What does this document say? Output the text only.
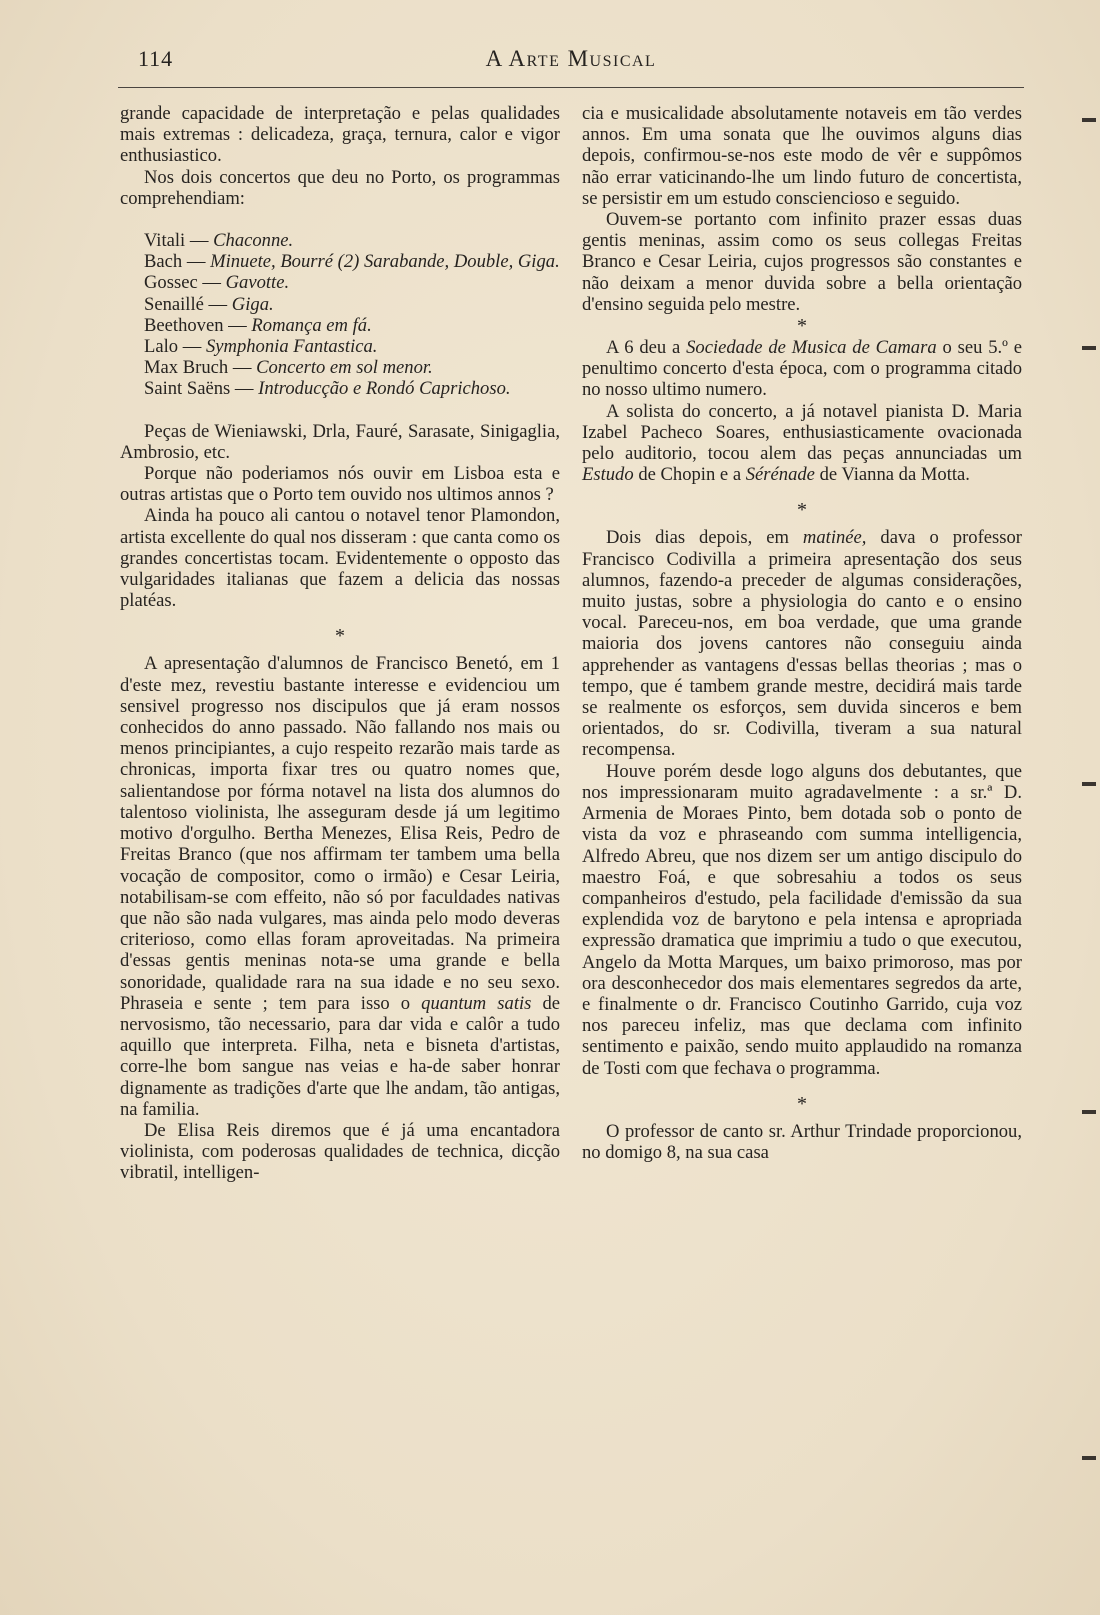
114	A Arte Musical

grande capacidade de interpretação e pelas qualidades mais extremas : delicadeza, graça, ternura, calor e vigor enthusiastico.

Nos dois concertos que deu no Porto, os programmas comprehendiam:

Vitali — Chaconne.
Bach — Minuete, Bourré (2) Sarabande, Double, Giga.
Gossec — Gavotte.
Senaillé — Giga.
Beethoven — Romança em fá.
Lalo — Symphonia Fantastica.
Max Bruch — Concerto em sol menor.
Saint Saëns — Introducção e Rondó Caprichoso.

Peças de Wieniawski, Drla, Fauré, Sarasate, Sinigaglia, Ambrosio, etc.

Porque não poderiamos nós ouvir em Lisboa esta e outras artistas que o Porto tem ouvido nos ultimos annos ?

Ainda ha pouco ali cantou o notavel tenor Plamondon, artista excellente do qual nos disseram : que canta como os grandes concertistas tocam. Evidentemente o opposto das vulgaridades italianas que fazem a delicia das nossas platéas.

*

A apresentação d'alumnos de Francisco Benetó, em 1 d'este mez, revestiu bastante interesse e evidenciou um sensivel progresso nos discipulos que já eram nossos conhecidos do anno passado. Não fallando nos mais ou menos principiantes, a cujo respeito rezarão mais tarde as chronicas, importa fixar tres ou quatro nomes que, salientandose por fórma notavel na lista dos alumnos do talentoso violinista, lhe asseguram desde já um legitimo motivo d'orgulho. Bertha Menezes, Elisa Reis, Pedro de Freitas Branco (que nos affirmam ter tambem uma bella vocação de compositor, como o irmão) e Cesar Leiria, notabilisam-se com effeito, não só por faculdades nativas que não são nada vulgares, mas ainda pelo modo deveras criterioso, como ellas foram aproveitadas. Na primeira d'essas gentis meninas nota-se uma grande e bella sonoridade, qualidade rara na sua idade e no seu sexo. Phraseia e sente ; tem para isso o quantum satis de nervosismo, tão necessario, para dar vida e calôr a tudo aquillo que interpreta. Filha, neta e bisneta d'artistas, corre-lhe bom sangue nas veias e ha-de saber honrar dignamente as tradições d'arte que lhe andam, tão antigas, na familia.

De Elisa Reis diremos que é já uma encantadora violinista, com poderosas qualidades de technica, dicção vibratil, intelligen-

cia e musicalidade absolutamente notaveis em tão verdes annos. Em uma sonata que lhe ouvimos alguns dias depois, confirmou-se-nos este modo de vêr e suppômos não errar vaticinando-lhe um lindo futuro de concertista, se persistir em um estudo consciencioso e seguido.

Ouvem-se portanto com infinito prazer essas duas gentis meninas, assim como os seus collegas Freitas Branco e Cesar Leiria, cujos progressos são constantes e não deixam a menor duvida sobre a bella orientação d'ensino seguida pelo mestre.

*

A 6 deu a Sociedade de Musica de Camara o seu 5.º e penultimo concerto d'esta época, com o programma citado no nosso ultimo numero.

A solista do concerto, a já notavel pianista D. Maria Izabel Pacheco Soares, enthusiasticamente ovacionada pelo auditorio, tocou alem das peças annunciadas um Estudo de Chopin e a Sérénade de Vianna da Motta.

*

Dois dias depois, em matinée, dava o professor Francisco Codivilla a primeira apresentação dos seus alumnos, fazendo-a preceder de algumas considerações, muito justas, sobre a physiologia do canto e o ensino vocal. Pareceu-nos, em boa verdade, que uma grande maioria dos jovens cantores não conseguiu ainda apprehender as vantagens d'essas bellas theorias ; mas o tempo, que é tambem grande mestre, decidirá mais tarde se realmente os esforços, sem duvida sinceros e bem orientados, do sr. Codivilla, tiveram a sua natural recompensa.

Houve porém desde logo alguns dos debutantes, que nos impressionaram muito agradavelmente : a sr.ª D. Armenia de Moraes Pinto, bem dotada sob o ponto de vista da voz e phraseando com summa intelligencia, Alfredo Abreu, que nos dizem ser um antigo discipulo do maestro Foá, e que sobresahiu a todos os seus companheiros d'estudo, pela facilidade d'emissão da sua explendida voz de barytono e pela intensa e apropriada expressão dramatica que imprimiu a tudo o que executou, Angelo da Motta Marques, um baixo primoroso, mas por ora desconhecedor dos mais elementares segredos da arte, e finalmente o dr. Francisco Coutinho Garrido, cuja voz nos pareceu infeliz, mas que declama com infinito sentimento e paixão, sendo muito applaudido na romanza de Tosti com que fechava o programma.

*

O professor de canto sr. Arthur Trindade proporcionou, no domigo 8, na sua casa
